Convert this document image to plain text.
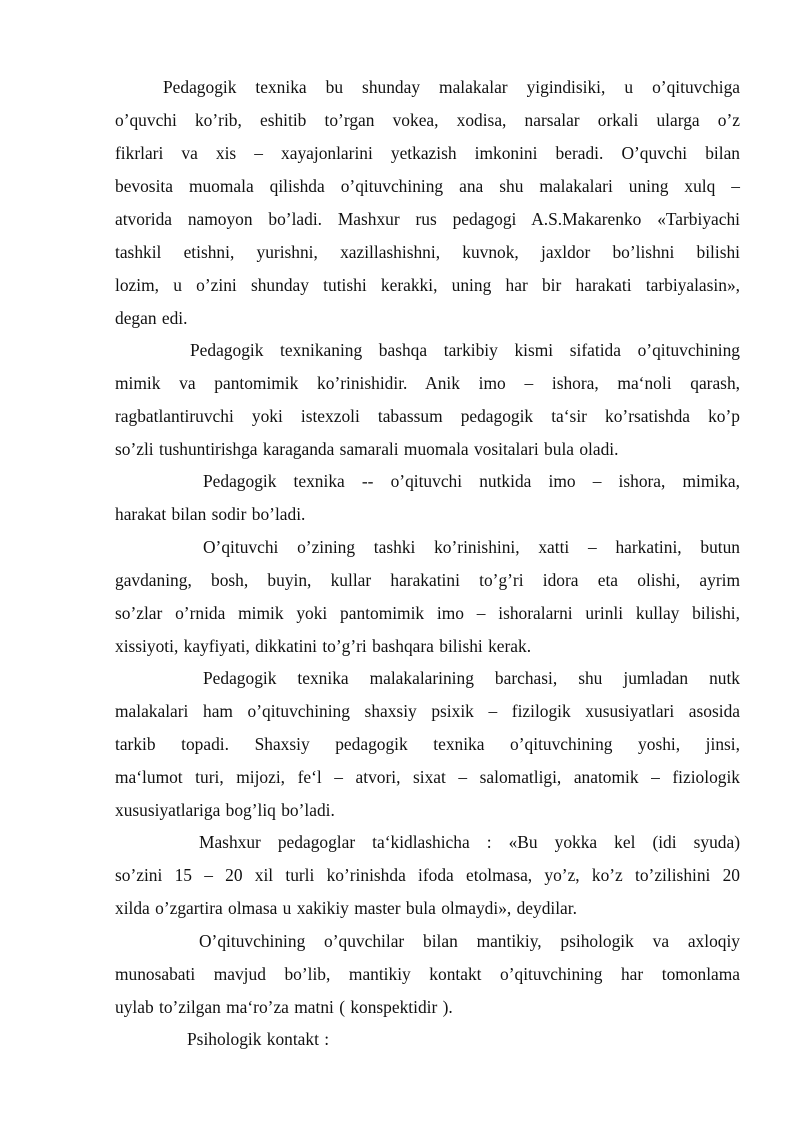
Pedagogik texnika bu shunday malakalar yigindisiki, u o’qituvchiga
o’quvchi ko’rib, eshitib to’rgan vokea, xodisa, narsalar orkali ularga o’z
fikrlari va xis – xayajonlarini yetkazish imkonini beradi. O’quvchi bilan
bevosita muomala qilishda o’qituvchining ana shu malakalari uning xulq –
atvorida namoyon bo’ladi. Mashxur rus pedagogi A.S.Makarenko «Tarbiyachi
tashkil etishni, yurishni, xazillashishni, kuvnok, jaxldor bo’lishni bilishi
lozim, u o’zini shunday tutishi kerakki, uning har bir harakati tarbiyalasin»,
degan edi.
Pedagogik texnikaning bashqa tarkibiy kismi sifatida o’qituvchining
mimik va pantomimik ko’rinishidir. Anik imo – ishora, ma‘noli qarash,
ragbatlantiruvchi yoki istexzoli tabassum pedagogik ta‘sir ko’rsatishda ko’p
so’zli tushuntirishga karaganda samarali muomala vositalari bula oladi.
Pedagogik texnika -- o’qituvchi nutkida imo – ishora, mimika,
harakat bilan sodir bo’ladi.
O’qituvchi o’zining tashki ko’rinishini, xatti – harkatini, butun
gavdaning, bosh, buyin, kullar harakatini to’g’ri idora eta olishi, ayrim
so’zlar o’rnida mimik yoki pantomimik imo – ishoralarni urinli kullay bilishi,
xissiyoti, kayfiyati, dikkatini to’g’ri bashqara bilishi kerak.
Pedagogik texnika malakalarining barchasi, shu jumladan nutk
malakalari ham o’qituvchining shaxsiy psixik – fizilogik xususiyatlari asosida
tarkib topadi. Shaxsiy pedagogik texnika o’qituvchining yoshi, jinsi,
ma‘lumot turi, mijozi, fe‘l – atvori, sixat – salomatligi, anatomik – fiziologik
xususiyatlariga bog’liq bo’ladi.
Mashxur pedagoglar ta‘kidlashicha : «Bu yokka kel (idi syuda)
so’zini 15 – 20 xil turli ko’rinishda ifoda etolmasa, yo’z, ko’z to’zilishini 20
xilda o’zgartira olmasa u xakikiy master bula olmaydi», deydilar.
O’qituvchining o’quvchilar bilan mantikiy, psihologik va axloqiy
munosabati mavjud bo’lib, mantikiy kontakt o’qituvchining har tomonlama
uylab to’zilgan ma‘ro’za matni ( konspektidir ).
Psihologik kontakt :
